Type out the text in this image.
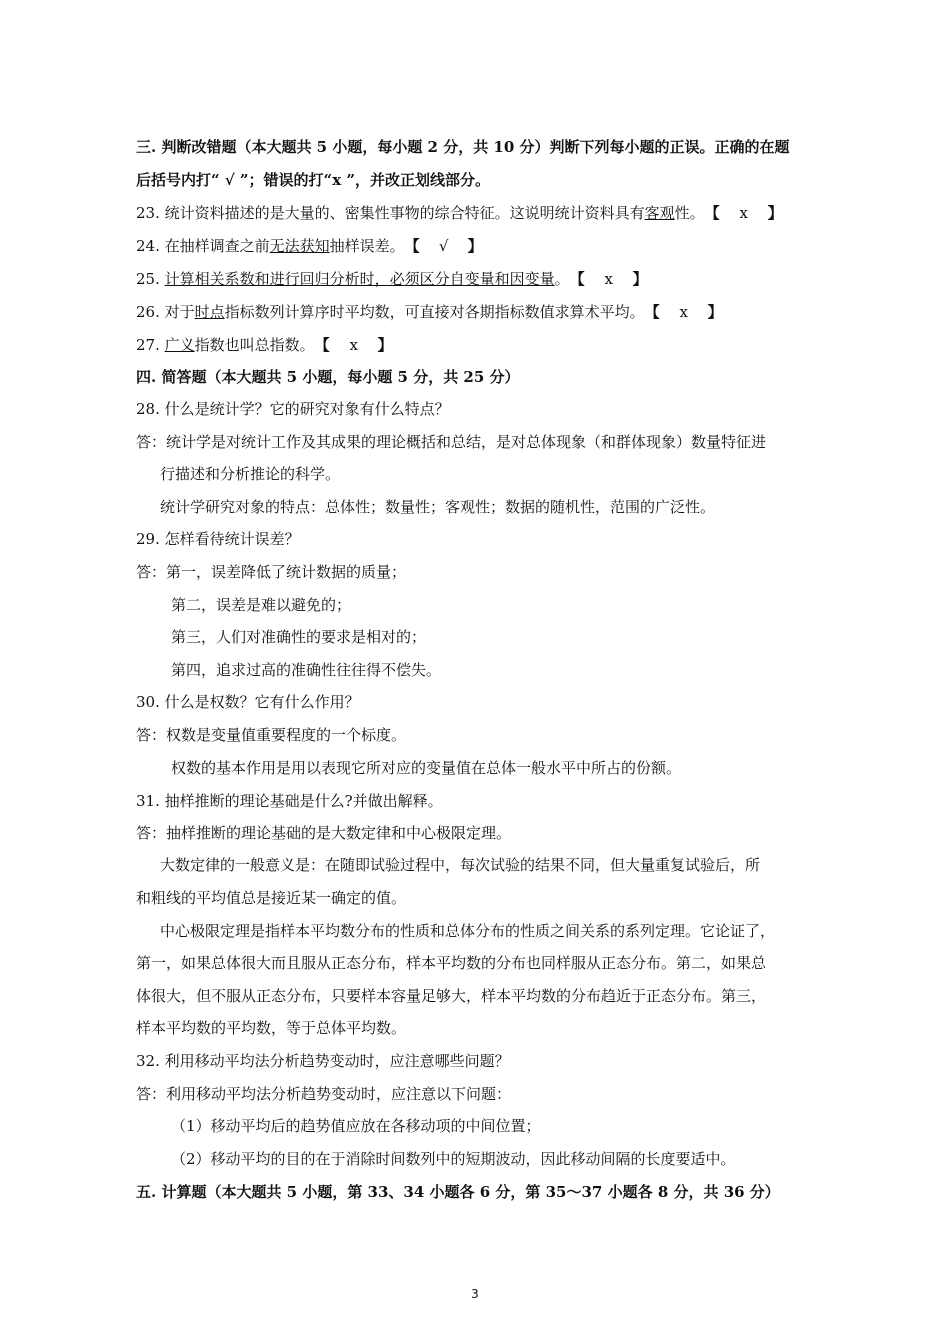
三. 判断改错题（本大题共 5 小题，每小题 2 分，共 10 分）判断下列每小题的正误。正确的在题
后括号内打“ √ ”；错误的打“x ”，并改正划线部分。
23. 统计资料描述的是大量的、密集性事物的综合特征。这说明统计资料具有客观性。【 x 】
24. 在抽样调查之前无法获知抽样误差。【 √ 】
25. 计算相关系数和进行回归分析时，必须区分自变量和因变量。【 x 】
26. 对于时点指标数列计算序时平均数，可直接对各期指标数值求算术平均。【 x 】
27. 广义指数也叫总指数。【 x 】
四. 简答题（本大题共 5 小题，每小题 5 分，共 25 分）
28. 什么是统计学？它的研究对象有什么特点？
答：统计学是对统计工作及其成果的理论概括和总结，是对总体现象（和群体现象）数量特征进
行描述和分析推论的科学。
统计学研究对象的特点：总体性；数量性；客观性；数据的随机性，范围的广泛性。
29. 怎样看待统计误差？
答：第一，误差降低了统计数据的质量；
第二，误差是难以避免的；
第三，人们对准确性的要求是相对的；
第四，追求过高的准确性往往得不偿失。
30. 什么是权数？它有什么作用？
答：权数是变量值重要程度的一个标度。
权数的基本作用是用以表现它所对应的变量值在总体一般水平中所占的份额。
31. 抽样推断的理论基础是什么?并做出解释。
答：抽样推断的理论基础的是大数定律和中心极限定理。
大数定律的一般意义是：在随即试验过程中，每次试验的结果不同，但大量重复试验后，所
和粗线的平均值总是接近某一确定的值。
中心极限定理是指样本平均数分布的性质和总体分布的性质之间关系的系列定理。它论证了，
第一，如果总体很大而且服从正态分布，样本平均数的分布也同样服从正态分布。第二，如果总
体很大，但不服从正态分布，只要样本容量足够大，样本平均数的分布趋近于正态分布。第三，
样本平均数的平均数，等于总体平均数。
32. 利用移动平均法分析趋势变动时，应注意哪些问题？
答：利用移动平均法分析趋势变动时，应注意以下问题：
（1）移动平均后的趋势值应放在各移动项的中间位置；
（2）移动平均的目的在于消除时间数列中的短期波动，因此移动间隔的长度要适中。
五. 计算题（本大题共 5 小题，第 33、34 小题各 6 分，第 35～37 小题各 8 分，共 36 分）
3
